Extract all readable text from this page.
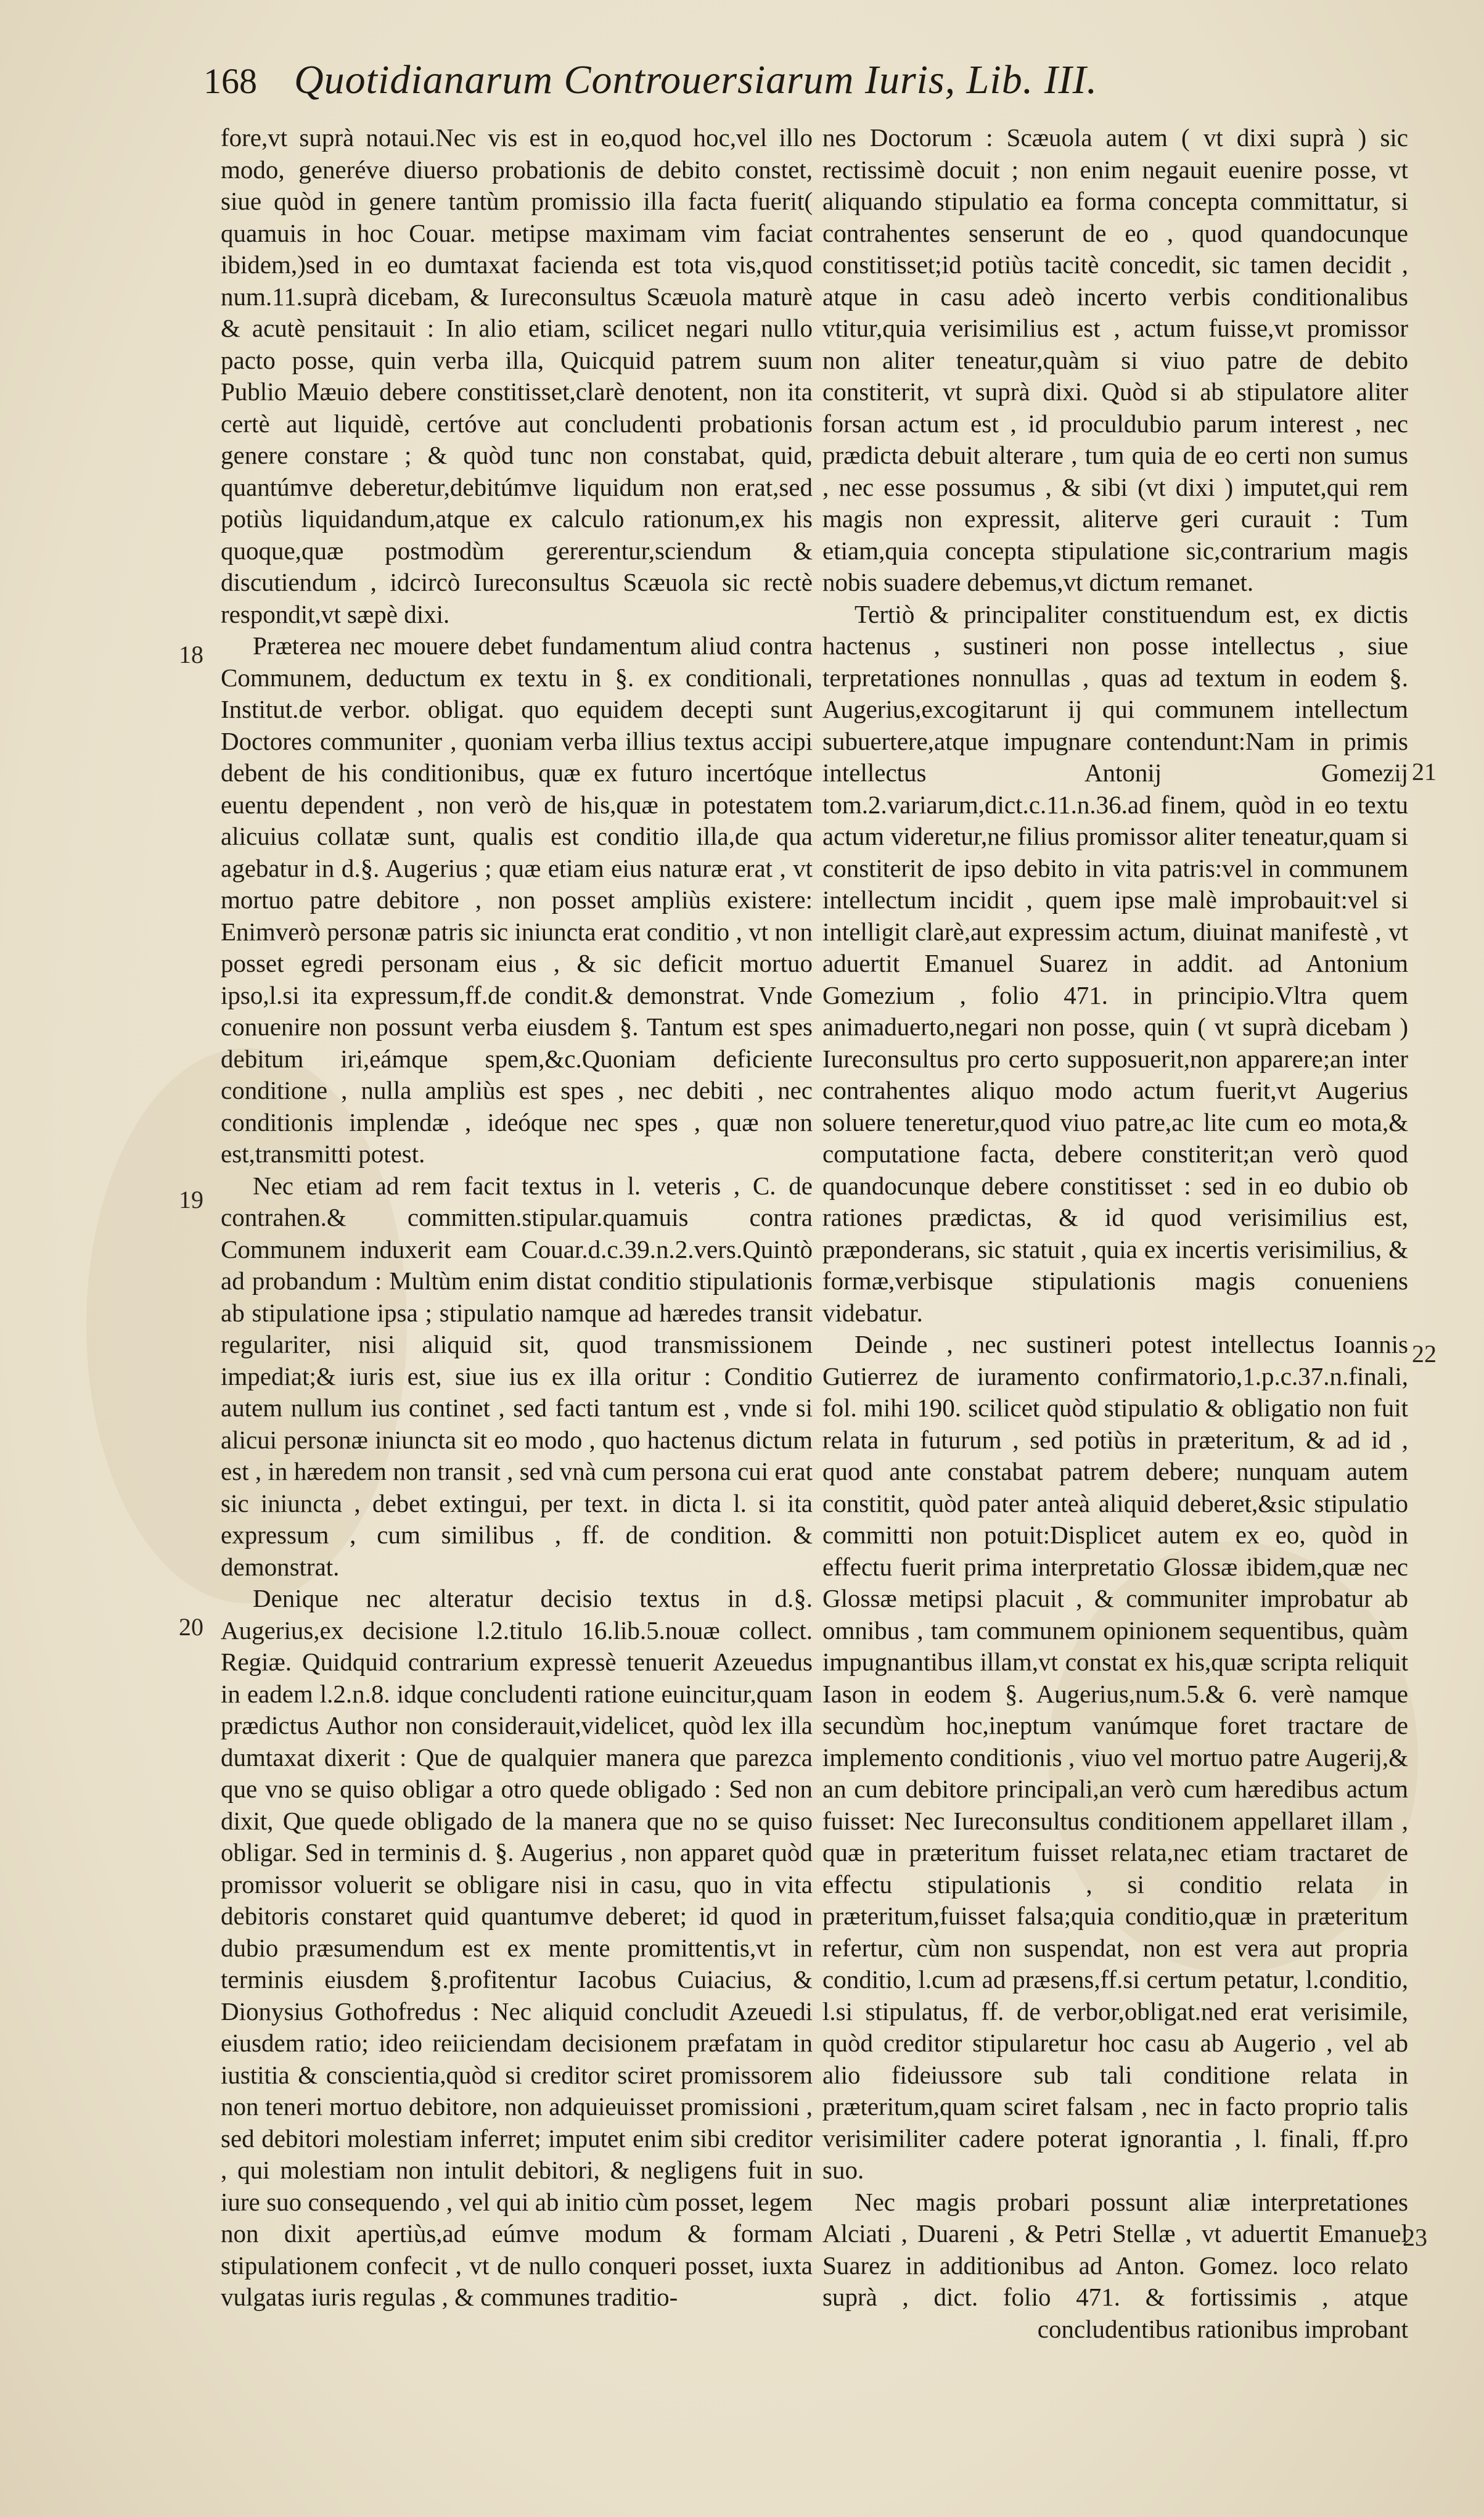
168 Quotidianarum Controuersiarum Iuris, Lib. III.
18
19
20
21
22
23

fore,vt suprà notaui.Nec vis est in eo,quod hoc,vel illo modo, generéve diuerso probationis de debito constet, siue quòd in genere tantùm promissio illa facta fuerit( quamuis in hoc Couar. metipse maximam vim faciat ibidem,)sed in eo dumtaxat facienda est tota vis,quod num.11.suprà dicebam, & Iureconsultus Scæuola maturè & acutè pensitauit : In alio etiam, scilicet negari nullo pacto posse, quin verba illa, Quicquid patrem suum Publio Mæuio debere constitisset,clarè denotent, non ita certè aut liquidè, certóve aut concludenti probationis genere constare ; & quòd tunc non constabat, quid, quantúmve deberetur,debitúmve liquidum non erat,sed potiùs liquidandum,atque ex calculo rationum,ex his quoque,quæ postmodùm gererentur,sciendum & discutiendum , idcircò Iureconsultus Scæuola sic rectè respondit,vt sæpè dixi.

Præterea nec mouere debet fundamentum aliud contra Communem, deductum ex textu in §. ex conditionali, Institut.de verbor. obligat. quo equidem decepti sunt Doctores communiter , quoniam verba illius textus accipi debent de his conditionibus, quæ ex futuro incertóque euentu dependent , non verò de his,quæ in potestatem alicuius collatæ sunt, qualis est conditio illa,de qua agebatur in d.§. Augerius ; quæ etiam eius naturæ erat , vt mortuo patre debitore , non posset ampliùs existere: Enimverò personæ patris sic iniuncta erat conditio , vt non posset egredi personam eius , & sic deficit mortuo ipso,l.si ita expressum,ff.de condit.& demonstrat. Vnde conuenire non possunt verba eiusdem §. Tantum est spes debitum iri,eámque spem,&c.Quoniam deficiente conditione , nulla ampliùs est spes , nec debiti , nec conditionis implendæ , ideóque nec spes , quæ non est,transmitti potest.

Nec etiam ad rem facit textus in l. veteris , C. de contrahen.& committen.stipular.quamuis contra Communem induxerit eam Couar.d.c.39.n.2.vers.Quintò ad probandum : Multùm enim distat conditio stipulationis ab stipulatione ipsa ; stipulatio namque ad hæredes transit regulariter, nisi aliquid sit, quod transmissionem impediat;& iuris est, siue ius ex illa oritur : Conditio autem nullum ius continet , sed facti tantum est , vnde si alicui personæ iniuncta sit eo modo , quo hactenus dictum est , in hæredem non transit , sed vnà cum persona cui erat sic iniuncta , debet extingui, per text. in dicta l. si ita expressum , cum similibus , ff. de condition. & demonstrat.

Denique nec alteratur decisio textus in d.§. Augerius,ex decisione l.2.titulo 16.lib.5.nouæ collect. Regiæ. Quidquid contrarium expressè tenuerit Azeuedus in eadem l.2.n.8. idque concludenti ratione euincitur,quam prædictus Author non considerauit,videlicet, quòd lex illa dumtaxat dixerit : Que de qualquier manera que parezca que vno se quiso obligar a otro quede obligado : Sed non dixit, Que quede obligado de la manera que no se quiso obligar. Sed in terminis d. §. Augerius , non apparet quòd promissor voluerit se obligare nisi in casu, quo in vita debitoris constaret quid quantumve deberet; id quod in dubio præsumendum est ex mente promittentis,vt in terminis eiusdem §.profitentur Iacobus Cuiacius, & Dionysius Gothofredus : Nec aliquid concludit Azeuedi eiusdem ratio; ideo reiiciendam decisionem præfatam in iustitia & conscientia,quòd si creditor sciret promissorem non teneri mortuo debitore, non adquieuisset promissioni , sed debitori molestiam inferret; imputet enim sibi creditor , qui molestiam non intulit debitori, & negligens fuit in iure suo consequendo , vel qui ab initio cùm posset, legem non dixit apertiùs,ad eúmve modum & formam stipulationem confecit , vt de nullo conqueri posset, iuxta vulgatas iuris regulas , & communes traditio-

nes Doctorum : Scæuola autem ( vt dixi suprà ) sic rectissimè docuit ; non enim negauit euenire posse, vt aliquando stipulatio ea forma concepta committatur, si contrahentes senserunt de eo , quod quandocunque constitisset;id potiùs tacitè concedit, sic tamen decidit , atque in casu adeò incerto verbis conditionalibus vtitur,quia verisimilius est , actum fuisse,vt promissor non aliter teneatur,quàm si viuo patre de debito constiterit, vt suprà dixi. Quòd si ab stipulatore aliter forsan actum est , id proculdubio parum interest , nec prædicta debuit alterare , tum quia de eo certi non sumus , nec esse possumus , & sibi (vt dixi ) imputet,qui rem magis non expressit, aliterve geri curauit : Tum etiam,quia concepta stipulatione sic,contrarium magis nobis suadere debemus,vt dictum remanet.

Tertiò & principaliter constituendum est, ex dictis hactenus , sustineri non posse intellectus , siue terpretationes nonnullas , quas ad textum in eodem §. Augerius,excogitarunt ij qui communem intellectum subuertere,atque impugnare contendunt:Nam in primis intellectus Antonij Gomezij tom.2.variarum,dict.c.11.n.36.ad finem, quòd in eo textu actum videretur,ne filius promissor aliter teneatur,quam si constiterit de ipso debito in vita patris:vel in communem intellectum incidit , quem ipse malè improbauit:vel si intelligit clarè,aut expressim actum, diuinat manifestè , vt aduertit Emanuel Suarez in addit. ad Antonium Gomezium , folio 471. in principio.Vltra quem animaduerto,negari non posse, quin ( vt suprà dicebam ) Iureconsultus pro certo supposuerit,non apparere;an inter contrahentes aliquo modo actum fuerit,vt Augerius soluere teneretur,quod viuo patre,ac lite cum eo mota,& computatione facta, debere constiterit;an verò quod quandocunque debere constitisset : sed in eo dubio ob rationes prædictas, & id quod verisimilius est, præponderans, sic statuit , quia ex incertis verisimilius, & formæ,verbisque stipulationis magis conueniens videbatur.

Deinde , nec sustineri potest intellectus Ioannis Gutierrez de iuramento confirmatorio,1.p.c.37.n.finali, fol. mihi 190. scilicet quòd stipulatio & obligatio non fuit relata in futurum , sed potiùs in præteritum, & ad id , quod ante constabat patrem debere; nunquam autem constitit, quòd pater anteà aliquid deberet,&sic stipulatio committi non potuit:Displicet autem ex eo, quòd in effectu fuerit prima interpretatio Glossæ ibidem,quæ nec Glossæ metipsi placuit , & communiter improbatur ab omnibus , tam communem opinionem sequentibus, quàm impugnantibus illam,vt constat ex his,quæ scripta reliquit Iason in eodem §. Augerius,num.5.& 6. verè namque secundùm hoc,ineptum vanúmque foret tractare de implemento conditionis , viuo vel mortuo patre Augerij,& an cum debitore principali,an verò cum hæredibus actum fuisset: Nec Iureconsultus conditionem appellaret illam , quæ in præteritum fuisset relata,nec etiam tractaret de effectu stipulationis , si conditio relata in præteritum,fuisset falsa;quia conditio,quæ in præteritum refertur, cùm non suspendat, non est vera aut propria conditio, l.cum ad præsens,ff.si certum petatur, l.conditio, l.si stipulatus, ff. de verbor,obligat.ned erat verisimile, quòd creditor stipularetur hoc casu ab Augerio , vel ab alio fideiussore sub tali conditione relata in præteritum,quam sciret falsam , nec in facto proprio talis verisimiliter cadere poterat ignorantia , l. finali, ff.pro suo.

Nec magis probari possunt aliæ interpretationes Alciati , Duareni , & Petri Stellæ , vt aduertit Emanuel Suarez in additionibus ad Anton. Gomez. loco relato suprà , dict. folio 471. & fortissimis , atque concludentibus rationibus improbant
